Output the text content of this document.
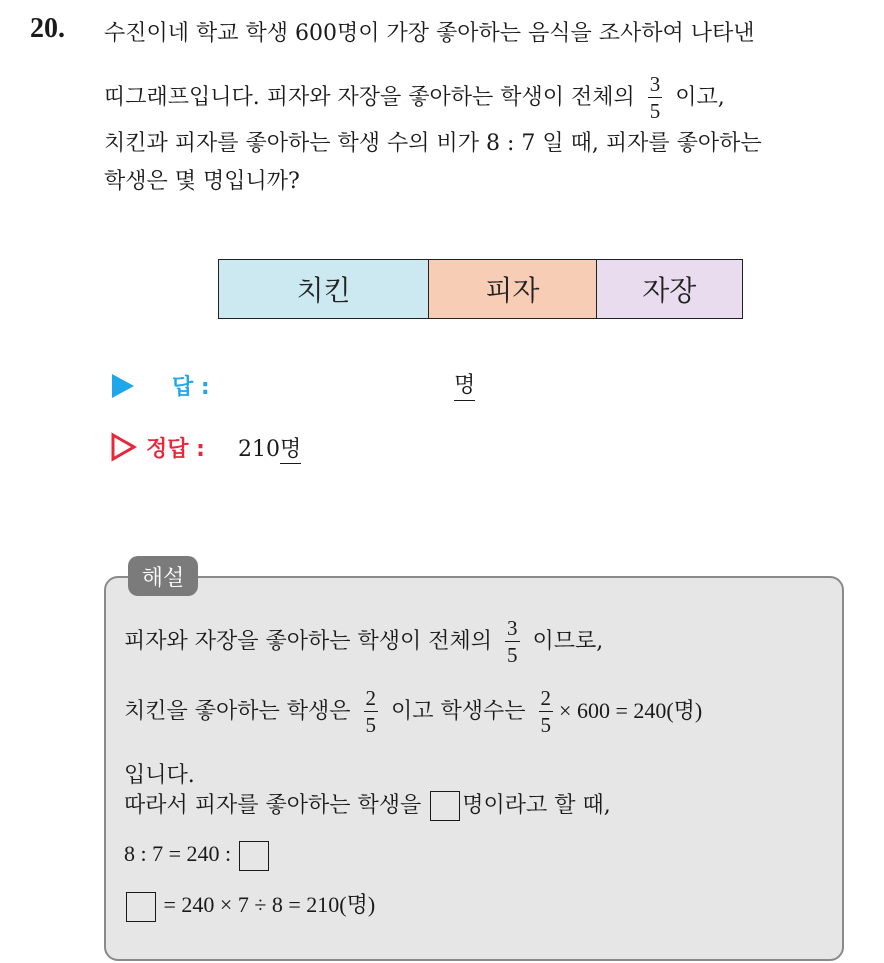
20. 수진이네 학교 학생 600명이 가장 좋아하는 음식을 조사하여 나타낸
띠그래프입니다. 피자와 자장을 좋아하는 학생이 전체의 $\frac{3}{5}$ 이고,
치킨과 피자를 좋아하는 학생 수의 비가 8 : 7 일 때, 피자를 좋아하는
학생은 몇 명입니까?
치킨	피자	자장
답 :	명
정답 : 210명
해설
피자와 자장을 좋아하는 학생이 전체의 $\frac{3}{5}$ 이므로,
치킨을 좋아하는 학생은 $\frac{2}{5}$ 이고 학생수는 $\frac{2}{5} \times 600 = 240$(명)
입니다.
따라서 피자를 좋아하는 학생을 명이라고 할 때,
8 : 7 = 240 :
= 240 × 7 ÷ 8 = 210(명)
